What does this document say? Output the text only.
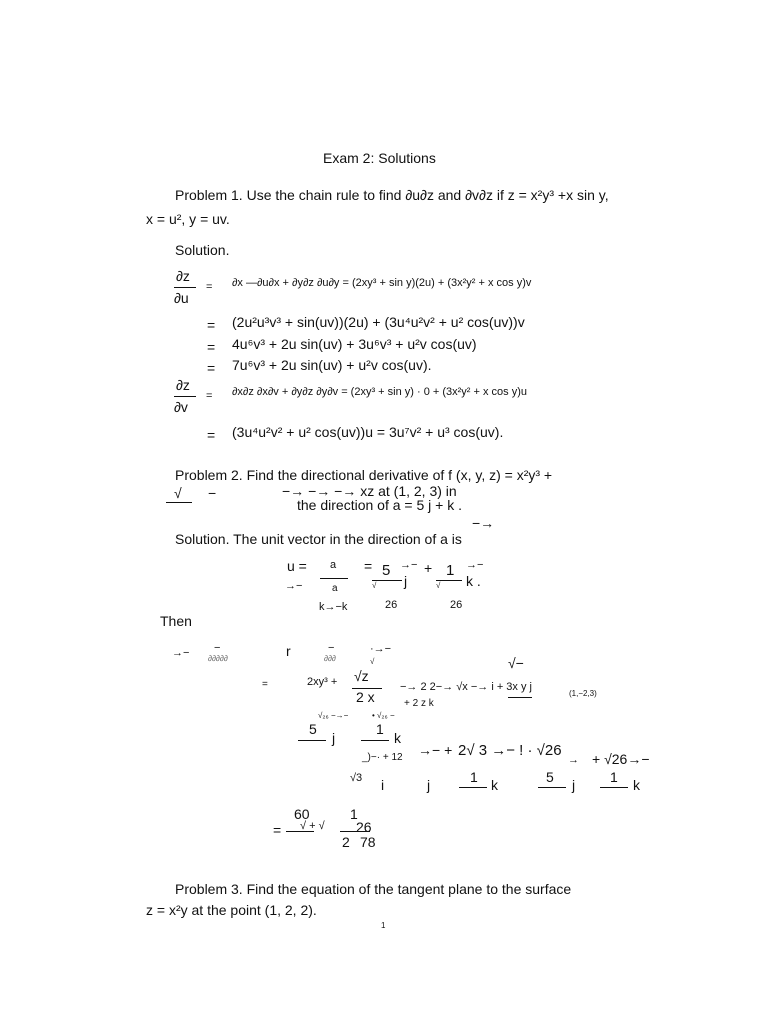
Exam 2: Solutions
Problem 1. Use the chain rule to find ∂u∂z and ∂v∂z if z = x²y³ +x sin y,
x = u², y = uv.
Solution.
∂z
∂u
= ∂x —∂u∂x + ∂y∂z ∂u∂y = (2xy³ + sin y)(2u) + (3x²y² + x cos y)v
= (2u²u³v³ + sin(uv))(2u) + (3u⁴u²v² + u² cos(uv))v
= 4u⁶v³ + 2u sin(uv) + 3u⁶v³ + u²v cos(uv)
= 7u⁶v³ + 2u sin(uv) + u²v cos(uv).
∂z
∂v
= ∂x∂z ∂x∂v + ∂y∂z ∂y∂v = (2xy³ + sin y) · 0 + (3x²y² + x cos y)u
= (3u⁴u²v² + u² cos(uv))u = 3u⁷v² + u³ cos(uv).
Problem 2. Find the directional derivative of f (x, y, z) = x²y³ +
√ −	−→ −→ −→ xz at (1, 2, 3) in
the direction of a = 5 j + k .
−→
Solution. The unit vector in the direction of a is
u = a
a
→−
= 5
√ j
→− + 1
√ k .
→−
k→−k	26	26
Then
→− −
∂∂∂∂∂	r	−
∂∂∂
·→−
√	√−
=	2xy³ + √z
2 x
−→ 2 2−→ √x −→ i + 3x y j
(1,−2,3)
+ 2 z k
√₂₆ −→−	• √₂₆ −
5
j
1
k
_)−· + 12 →− + 2√ 3 →− ! · √26
→ + √26→−
√3 i	j	1 k	5 j 1 k
60	1
= √ + √ 26
2 78
Problem 3. Find the equation of the tangent plane to the surface
z = x²y at the point (1, 2, 2).
1
